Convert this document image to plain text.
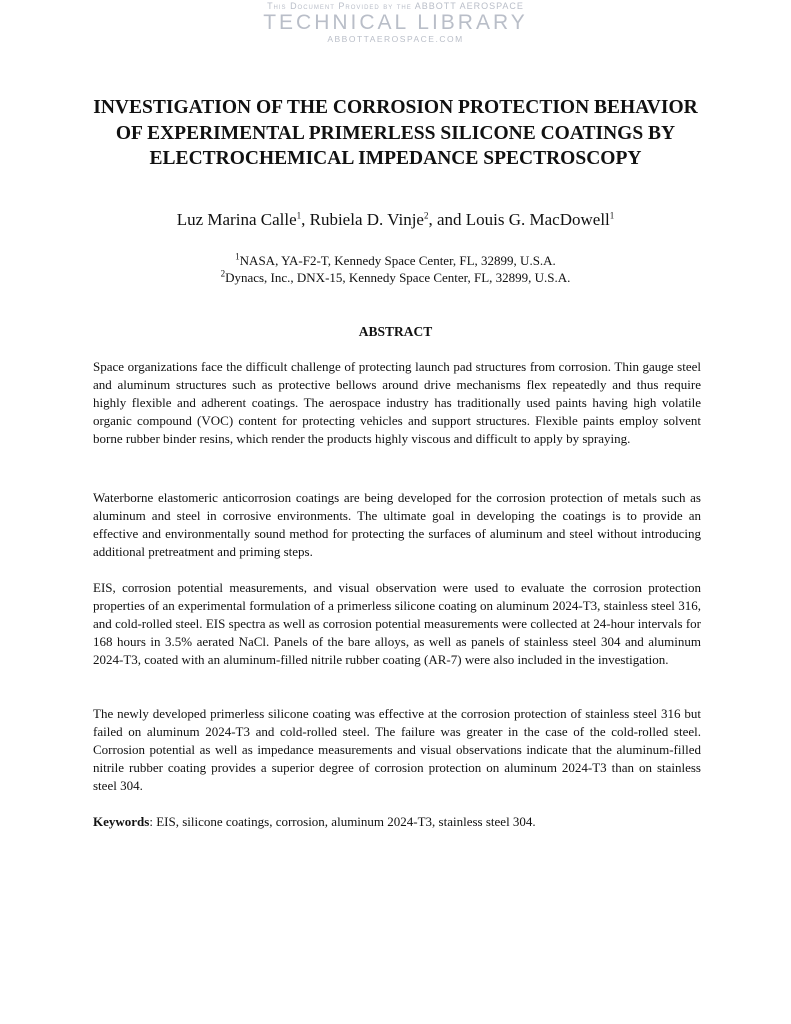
This Document Provided by the ABBOTT AEROSPACE
TECHNICAL LIBRARY
ABBOTTAEROSPACE.COM
INVESTIGATION OF THE CORROSION PROTECTION BEHAVIOR OF EXPERIMENTAL PRIMERLESS SILICONE COATINGS BY ELECTROCHEMICAL IMPEDANCE SPECTROSCOPY
Luz Marina Calle$^1$, Rubiela D. Vinje$^2$, and Louis G. MacDowell$^1$
$^1$NASA, YA-F2-T, Kennedy Space Center, FL, 32899, U.S.A.
$^2$Dynacs, Inc., DNX-15, Kennedy Space Center, FL, 32899, U.S.A.
ABSTRACT

Space organizations face the difficult challenge of protecting launch pad structures from corrosion. Thin gauge steel and aluminum structures such as protective bellows around drive mechanisms flex repeatedly and thus require highly flexible and adherent coatings. The aerospace industry has traditionally used paints having high volatile organic compound (VOC) content for protecting vehicles and support structures. Flexible paints employ solvent borne rubber binder resins, which render the products highly viscous and difficult to apply by spraying.

Waterborne elastomeric anticorrosion coatings are being developed for the corrosion protection of metals such as aluminum and steel in corrosive environments. The ultimate goal in developing the coatings is to provide an effective and environmentally sound method for protecting the surfaces of aluminum and steel without introducing additional pretreatment and priming steps.

EIS, corrosion potential measurements, and visual observation were used to evaluate the corrosion protection properties of an experimental formulation of a primerless silicone coating on aluminum 2024-T3, stainless steel 316, and cold-rolled steel. EIS spectra as well as corrosion potential measurements were collected at 24-hour intervals for 168 hours in 3.5% aerated NaCl. Panels of the bare alloys, as well as panels of stainless steel 304 and aluminum 2024-T3, coated with an aluminum-filled nitrile rubber coating (AR-7) were also included in the investigation.

The newly developed primerless silicone coating was effective at the corrosion protection of stainless steel 316 but failed on aluminum 2024-T3 and cold-rolled steel. The failure was greater in the case of the cold-rolled steel. Corrosion potential as well as impedance measurements and visual observations indicate that the aluminum-filled nitrile rubber coating provides a superior degree of corrosion protection on aluminum 2024-T3 than on stainless steel 304.

Keywords: EIS, silicone coatings, corrosion, aluminum 2024-T3, stainless steel 304.
